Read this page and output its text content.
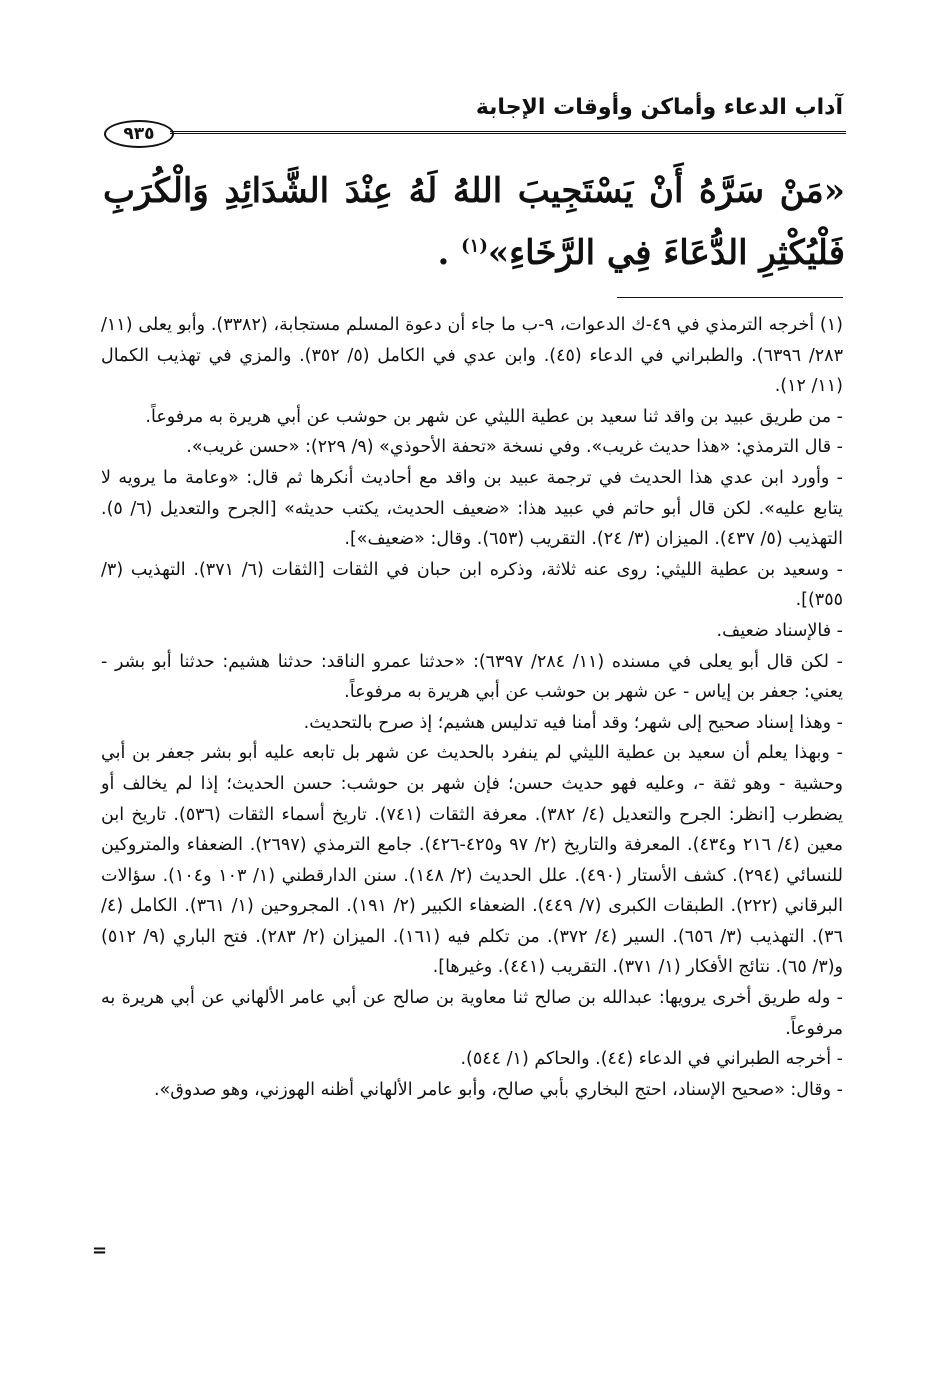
آداب الدعاء وأماكن وأوقات الإجابة
٩٣٥
«مَنْ سَرَّهُ أَنْ يَسْتَجِيبَ اللهُ لَهُ عِنْدَ الشَّدَائِدِ وَالْكُرَبِ فَلْيُكْثِرِ الدُّعَاءَ فِي الرَّخَاءِ»$^{(١)}$ .

(١) أخرجه الترمذي في ٤٩-ك الدعوات، ٩-ب ما جاء أن دعوة المسلم مستجابة، (٣٣٨٢). وأبو يعلى (١١/ ٢٨٣/ ٦٣٩٦). والطبراني في الدعاء (٤٥). وابن عدي في الكامل (٥/ ٣٥٢). والمزي في تهذيب الكمال (١١/ ١٢).

- من طريق عبيد بن واقد ثنا سعيد بن عطية الليثي عن شهر بن حوشب عن أبي هريرة به مرفوعاً.

- قال الترمذي: «هذا حديث غريب». وفي نسخة «تحفة الأحوذي» (٩/ ٢٢٩): «حسن غريب».

- وأورد ابن عدي هذا الحديث في ترجمة عبيد بن واقد مع أحاديث أنكرها ثم قال: «وعامة ما يرويه لا يتابع عليه». لكن قال أبو حاتم في عبيد هذا: «ضعيف الحديث، يكتب حديثه» [الجرح والتعديل (٦/ ٥). التهذيب (٥/ ٤٣٧). الميزان (٣/ ٢٤). التقريب (٦٥٣). وقال: «ضعيف»].

- وسعيد بن عطية الليثي: روى عنه ثلاثة، وذكره ابن حبان في الثقات [الثقات (٦/ ٣٧١). التهذيب (٣/ ٣٥٥)].

- فالإسناد ضعيف.

- لكن قال أبو يعلى في مسنده (١١/ ٢٨٤/ ٦٣٩٧): «حدثنا عمرو الناقد: حدثنا هشيم: حدثنا أبو بشر - يعني: جعفر بن إياس - عن شهر بن حوشب عن أبي هريرة به مرفوعاً.

- وهذا إسناد صحيح إلى شهر؛ وقد أمنا فيه تدليس هشيم؛ إذ صرح بالتحديث.

- وبهذا يعلم أن سعيد بن عطية الليثي لم ينفرد بالحديث عن شهر بل تابعه عليه أبو بشر جعفر بن أبي وحشية - وهو ثقة -، وعليه فهو حديث حسن؛ فإن شهر بن حوشب: حسن الحديث؛ إذا لم يخالف أو يضطرب [انظر: الجرح والتعديل (٤/ ٣٨٢). معرفة الثقات (٧٤١). تاريخ أسماء الثقات (٥٣٦). تاريخ ابن معين (٤/ ٢١٦ و٤٣٤). المعرفة والتاريخ (٢/ ٩٧ و٤٢٥-٤٢٦). جامع الترمذي (٢٦٩٧). الضعفاء والمتروكين للنسائي (٢٩٤). كشف الأستار (٤٩٠). علل الحديث (٢/ ١٤٨). سنن الدارقطني (١/ ١٠٣ و١٠٤). سؤالات البرقاني (٢٢٢). الطبقات الكبرى (٧/ ٤٤٩). الضعفاء الكبير (٢/ ١٩١). المجروحين (١/ ٣٦١). الكامل (٤/ ٣٦). التهذيب (٣/ ٦٥٦). السير (٤/ ٣٧٢). من تكلم فيه (١٦١). الميزان (٢/ ٢٨٣). فتح الباري (٩/ ٥١٢) و(٣/ ٦٥). نتائج الأفكار (١/ ٣٧١). التقريب (٤٤١). وغيرها].

- وله طريق أخرى يرويها: عبدالله بن صالح ثنا معاوية بن صالح عن أبي عامر الألهاني عن أبي هريرة به مرفوعاً.

- أخرجه الطبراني في الدعاء (٤٤). والحاكم (١/ ٥٤٤).

- وقال: «صحيح الإسناد، احتج البخاري بأبي صالح، وأبو عامر الألهاني أظنه الهوزني، وهو صدوق».

=
